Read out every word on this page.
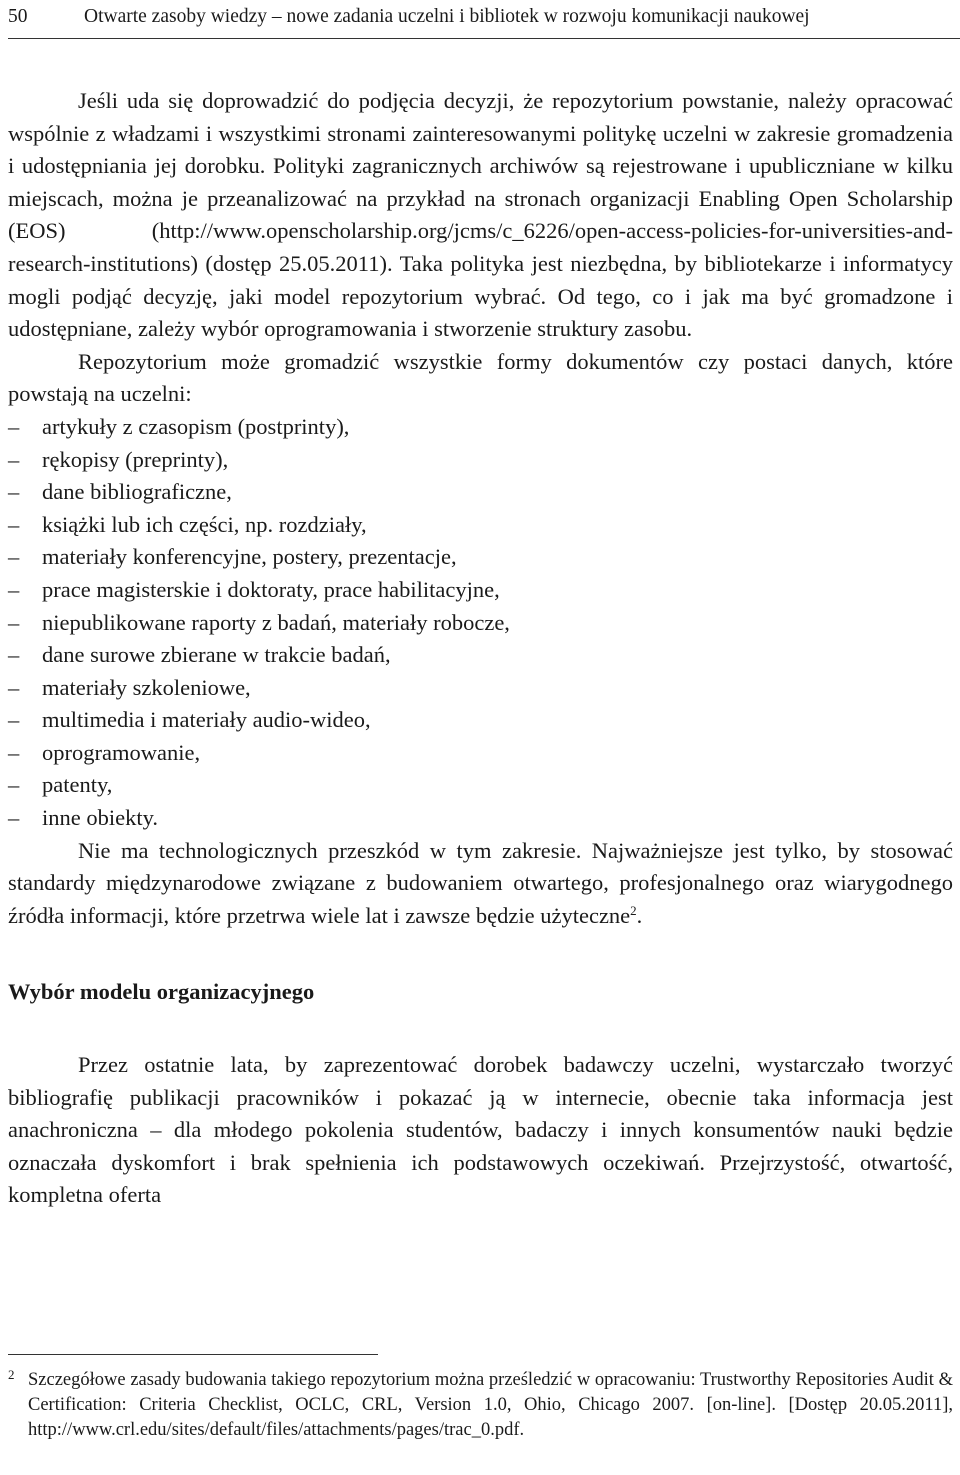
50	Otwarte zasoby wiedzy – nowe zadania uczelni i bibliotek w rozwoju komunikacji naukowej

Jeśli uda się doprowadzić do podjęcia decyzji, że repozytorium powstanie, należy opracować wspólnie z władzami i wszystkimi stronami zainteresowanymi politykę uczelni w zakresie gromadzenia i udostępniania jej dorobku. Polityki zagranicznych archiwów są rejestrowane i upubliczniane w kilku miejscach, można je przeanalizować na przykład na stronach organizacji Enabling Open Scholarship (EOS) (http://www.openscholarship.org/jcms/c_6226/open-access-policies-for-universities-and-research-institutions) (dostęp 25.05.2011). Taka polityka jest niezbędna, by bibliotekarze i informatycy mogli podjąć decyzję, jaki model repozytorium wybrać. Od tego, co i jak ma być gromadzone i udostępniane, zależy wybór oprogramowania i stworzenie struktury zasobu.

Repozytorium może gromadzić wszystkie formy dokumentów czy postaci danych, które powstają na uczelni:

– artykuły z czasopism (postprinty),
– rękopisy (preprinty),
– dane bibliograficzne,
– książki lub ich części, np. rozdziały,
– materiały konferencyjne, postery, prezentacje,
– prace magisterskie i doktoraty, prace habilitacyjne,
– niepublikowane raporty z badań, materiały robocze,
– dane surowe zbierane w trakcie badań,
– materiały szkoleniowe,
– multimedia i materiały audio-wideo,
– oprogramowanie,
– patenty,
– inne obiekty.

Nie ma technologicznych przeszkód w tym zakresie. Najważniejsze jest tylko, by stosować standardy międzynarodowe związane z budowaniem otwartego, profesjonalnego oraz wiarygodnego źródła informacji, które przetrwa wiele lat i zawsze będzie użyteczne$^2$.

Wybór modelu organizacyjnego

Przez ostatnie lata, by zaprezentować dorobek badawczy uczelni, wystarczało tworzyć bibliografię publikacji pracowników i pokazać ją w internecie, obecnie taka informacja jest anachroniczna – dla młodego pokolenia studentów, badaczy i innych konsumentów nauki będzie oznaczała dyskomfort i brak spełnienia ich podstawowych oczekiwań. Przejrzystość, otwartość, kompletna oferta

2 Szczegółowe zasady budowania takiego repozytorium można prześledzić w opracowaniu: Trustworthy Repositories Audit & Certification: Criteria Checklist, OCLC, CRL, Version 1.0, Ohio, Chicago 2007. [on-line]. [Dostęp 20.05.2011], http://www.crl.edu/sites/default/files/attachments/pages/trac_0.pdf.
